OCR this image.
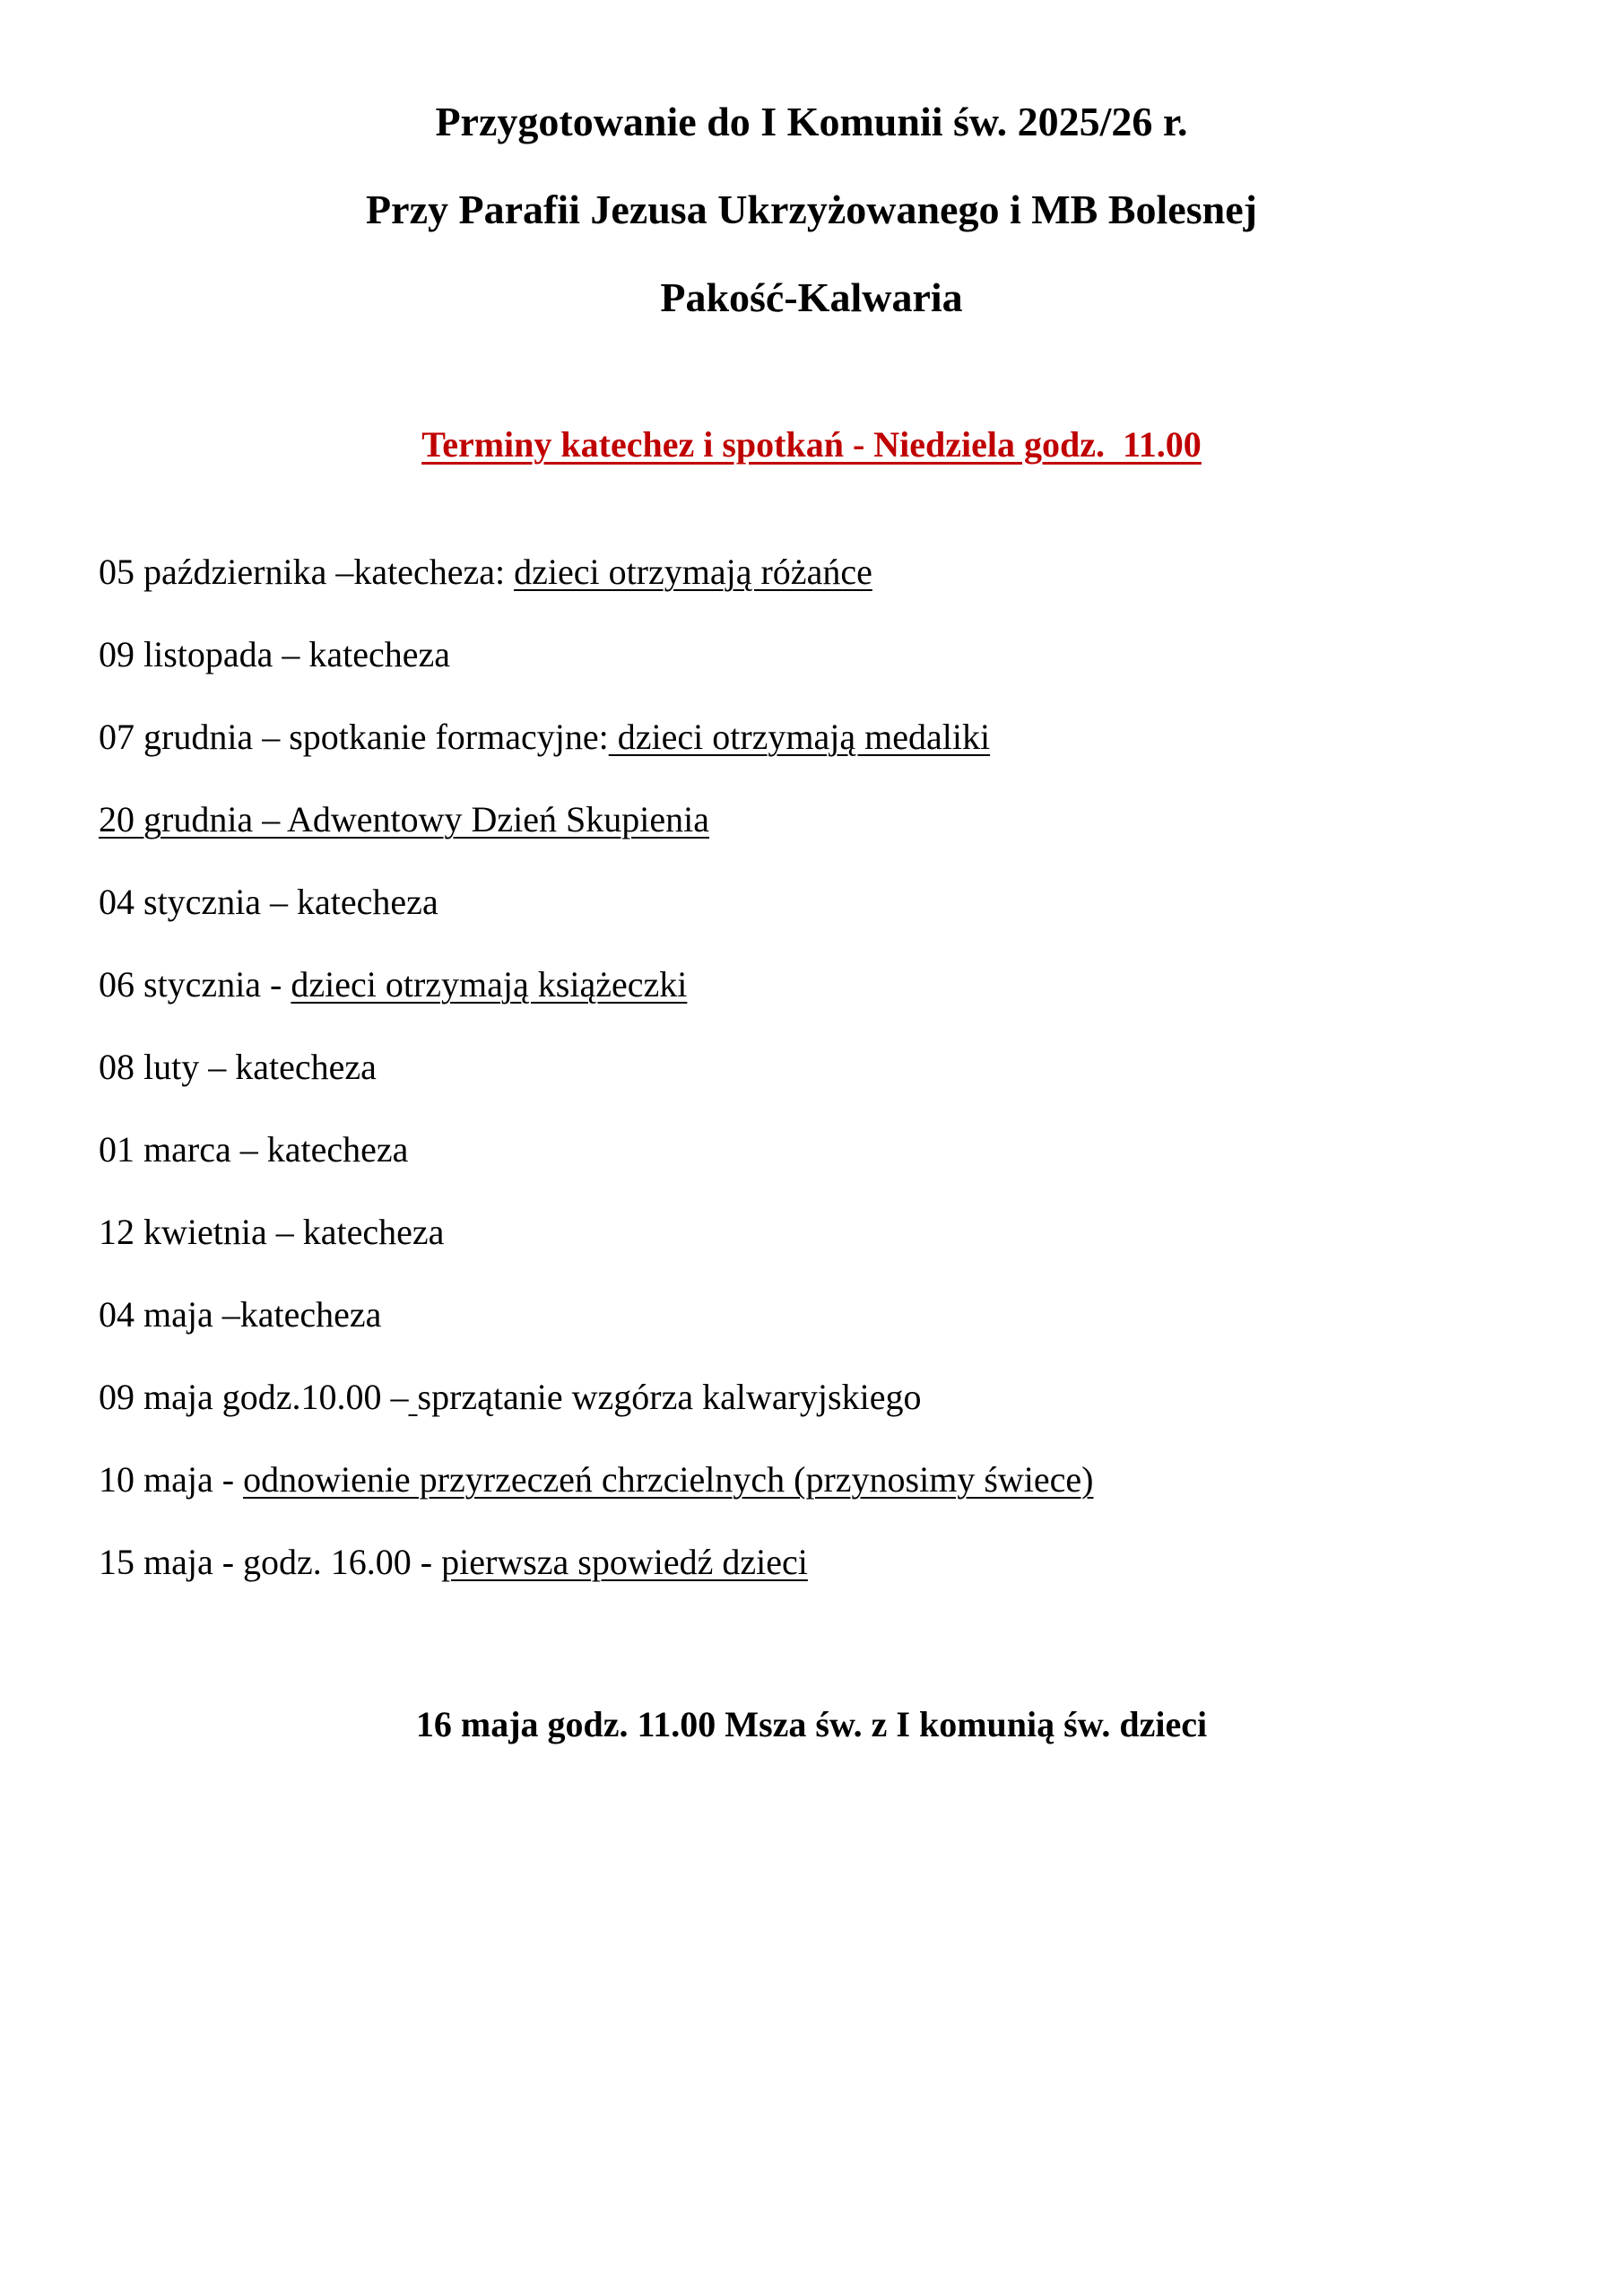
Przygotowanie do I Komunii św. 2025/26 r.
Przy Parafii Jezusa Ukrzyżowanego i MB Bolesnej
Pakość-Kalwaria
Terminy katechez i spotkań - Niedziela godz.  11.00
05 października –katecheza: dzieci otrzymają różańce
09 listopada – katecheza
07 grudnia – spotkanie formacyjne: dzieci otrzymają medaliki
20 grudnia – Adwentowy Dzień Skupienia
04 stycznia – katecheza
06 stycznia - dzieci otrzymają książeczki
08 luty – katecheza
01 marca – katecheza
12 kwietnia – katecheza
04 maja –katecheza
09 maja godz.10.00 – sprzątanie wzgórza kalwaryjskiego
10 maja - odnowienie przyrzeczeń chrzcielnych (przynosimy świece)
15 maja - godz. 16.00 - pierwsza spowiedź dzieci
16 maja godz. 11.00 Msza św. z I komunią św. dzieci
